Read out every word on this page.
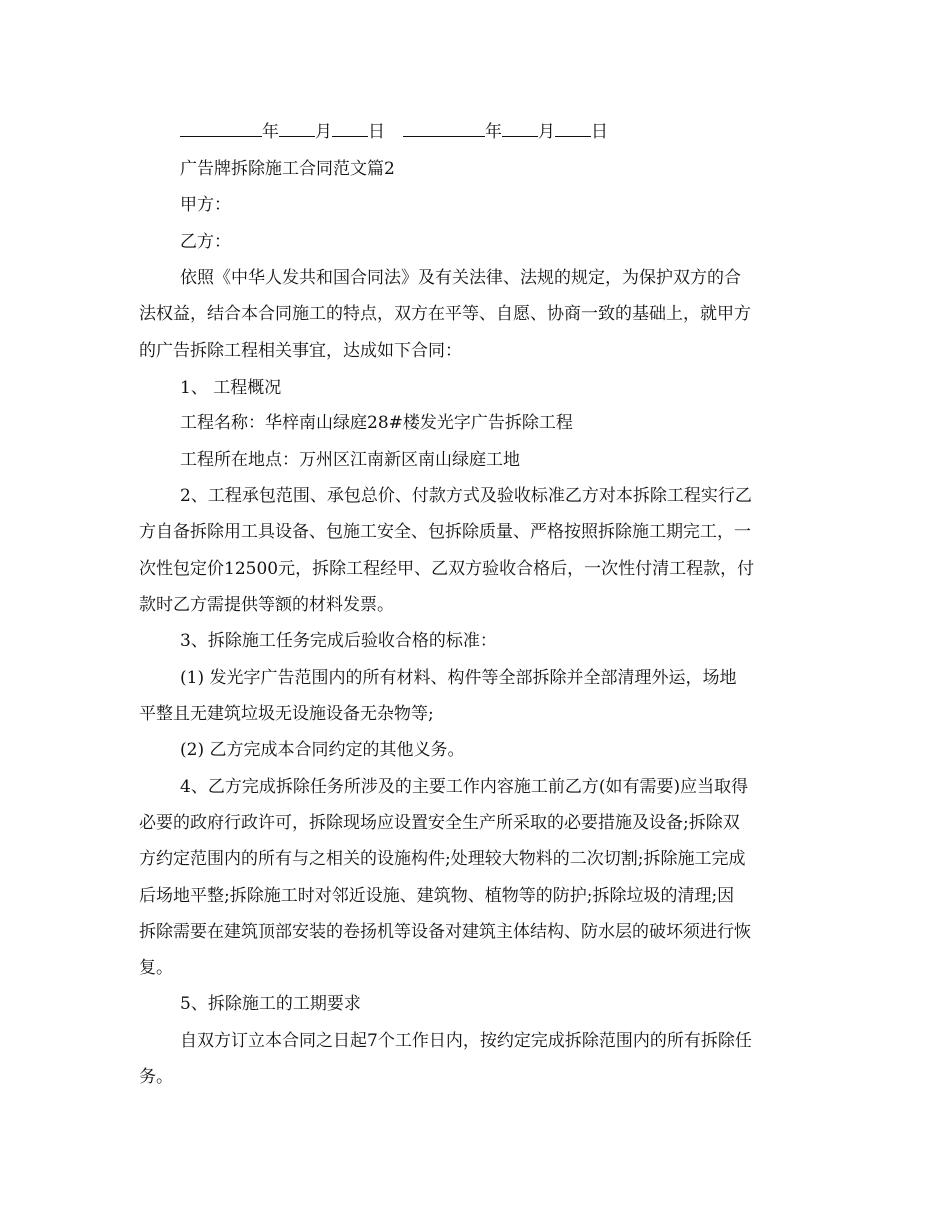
年 月 日	年 月 日
广告牌拆除施工合同范文篇2
甲方：
乙方：
依照《中华人发共和国合同法》及有关法律、法规的规定，为保护双方的合
法权益，结合本合同施工的特点，双方在平等、自愿、协商一致的基础上，就甲方
的广告拆除工程相关事宜，达成如下合同：
1、 工程概况
工程名称：华梓南山绿庭28#楼发光字广告拆除工程
工程所在地点：万州区江南新区南山绿庭工地
2、工程承包范围、承包总价、付款方式及验收标准乙方对本拆除工程实行乙
方自备拆除用工具设备、包施工安全、包拆除质量、严格按照拆除施工期完工，一
次性包定价12500元，拆除工程经甲、乙双方验收合格后，一次性付清工程款，付
款时乙方需提供等额的材料发票。
3、拆除施工任务完成后验收合格的标准：
(1) 发光字广告范围内的所有材料、构件等全部拆除并全部清理外运，场地
平整且无建筑垃圾无设施设备无杂物等;
(2) 乙方完成本合同约定的其他义务。
4、乙方完成拆除任务所涉及的主要工作内容施工前乙方(如有需要)应当取得
必要的政府行政许可，拆除现场应设置安全生产所采取的必要措施及设备;拆除双
方约定范围内的所有与之相关的设施构件;处理较大物料的二次切割;拆除施工完成
后场地平整;拆除施工时对邻近设施、建筑物、植物等的防护;拆除垃圾的清理;因
拆除需要在建筑顶部安装的卷扬机等设备对建筑主体结构、防水层的破坏须进行恢
复。
5、拆除施工的工期要求
自双方订立本合同之日起7个工作日内，按约定完成拆除范围内的所有拆除任
务。
